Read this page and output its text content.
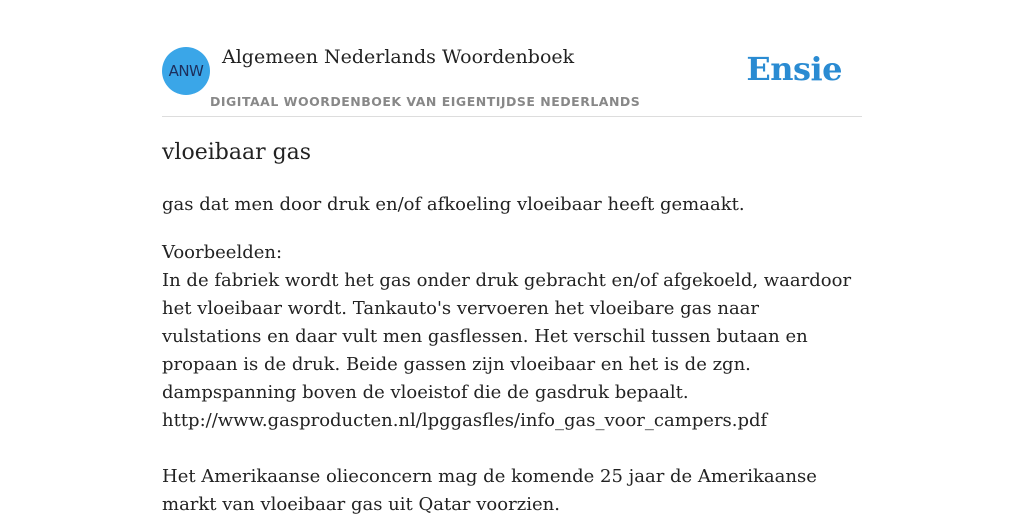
ANW
Algemeen Nederlands Woordenboek
DIGITAAL WOORDENBOEK VAN EIGENTIJDSE NEDERLANDS
Ensie
vloeibaar gas

gas dat men door druk en/of afkoeling vloeibaar heeft gemaakt.

Voorbeelden:

In de fabriek wordt het gas onder druk gebracht en/of afgekoeld, waardoor het vloeibaar wordt. Tankauto's vervoeren het vloeibare gas naar vulstations en daar vult men gasflessen. Het verschil tussen butaan en propaan is de druk. Beide gassen zijn vloeibaar en het is de zgn. dampspanning boven de vloeistof die de gasdruk bepaalt.

http://www.gasproducten.nl/lpggasfles/info_gas_voor_campers.pdf

Het Amerikaanse olieconcern mag de komende 25 jaar de Amerikaanse markt van vloeibaar gas uit Qatar voorzien.
